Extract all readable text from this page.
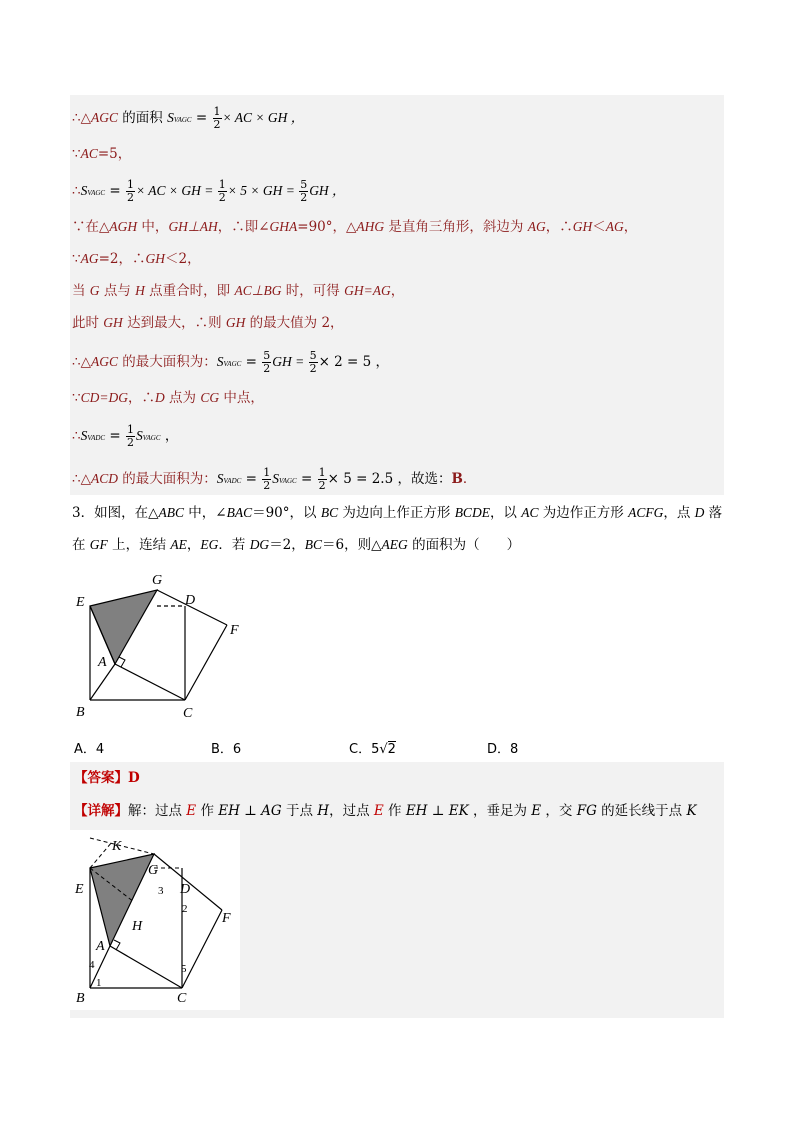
∴△AGC 的面积 SVAGC = $\frac{1}{2}$ × AC × GH ，
∵AC=5，
∴SVAGC = $\frac{1}{2}$ × AC × GH = $\frac{1}{2} \times 5$ × GH = $\frac{5}{2}$ GH ，
∵在△AGH 中，GH⊥AH，∴即∠GHA=90°，△AHG 是直角三角形，斜边为 AG，∴GH＜AG，
∵AG=2，∴GH＜2，
当 G 点与 H 点重合时，即 AC⊥BG 时，可得 GH=AG，
此时 GH 达到最大，∴则 GH 的最大值为 2，
∴△AGC 的最大面积为：SVAGC = $\frac{5}{2}$ GH = $\frac{5}{2} \times 2 = 5$ ，
∵CD=DG，∴D 点为 CG 中点，
∴SVADC = $\frac{1}{2}$ SVAGC ，
∴△ACD 的最大面积为：SVADC = $\frac{1}{2}$ SVAGC = $\frac{1}{2} \times 5 = 2.5$ ，故选：B．
3．如图，在△ABC 中，∠BAC＝90°，以 BC 为边向上作正方形 BCDE，以 AC 为边作正方形 ACFG，点 D 落
在 GF 上，连结 AE，EG．若 DG＝2，BC＝6，则△AEG 的面积为（　　）
G
E	D
F
A
B	C
A．4	B．6	C．5√2	D．8
【答案】D
【详解】解：过点 E 作 EH ⊥ AG 于点 H，过点 E 作 EH ⊥ EK ，垂足为 E ，交 FG 的延长线于点 K
K
G
E	D
F
H
A
B	C
1
2
3
4	5
